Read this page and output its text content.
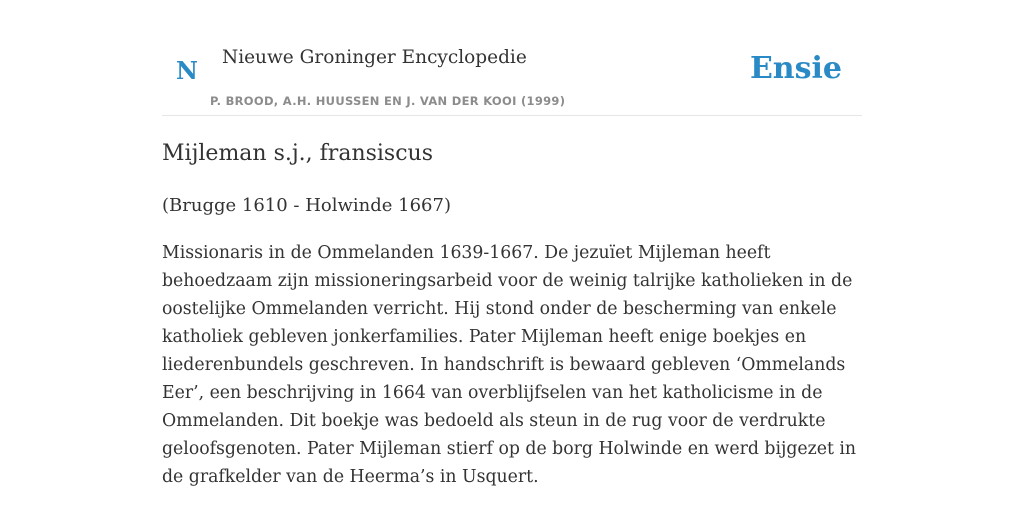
N Nieuwe Groninger Encyclopedie
P. BROOD, A.H. HUUSSEN EN J. VAN DER KOOI (1999)
Ensie
Mijleman s.j., fransiscus

(Brugge 1610 - Holwinde 1667)

Missionaris in de Ommelanden 1639-1667. De jezuïet Mijleman heeft behoedzaam zijn missioneringsarbeid voor de weinig talrijke katholieken in de oostelijke Ommelanden verricht. Hij stond onder de bescherming van enkele katholiek gebleven jonkerfamilies. Pater Mijleman heeft enige boekjes en liederenbundels geschreven. In handschrift is bewaard gebleven ‘Ommelands Eer’, een beschrijving in 1664 van overblijfselen van het katholicisme in de Ommelanden. Dit boekje was bedoeld als steun in de rug voor de verdrukte geloofsgenoten. Pater Mijleman stierf op de borg Holwinde en werd bijgezet in de grafkelder van de Heerma’s in Usquert.
